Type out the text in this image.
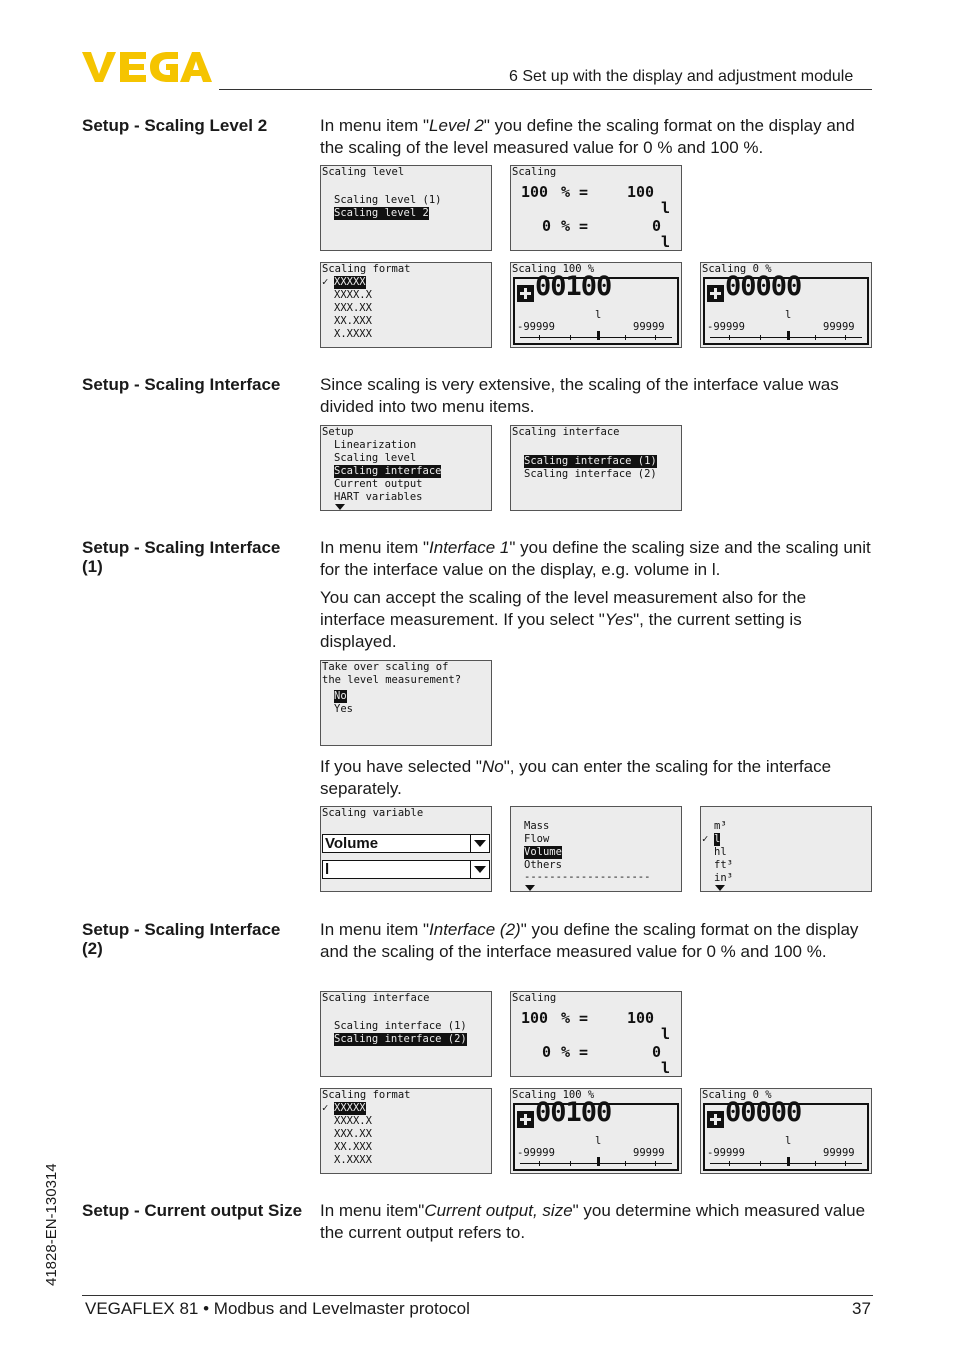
6 Set up with the display and adjustment module
Setup - Scaling Level 2	In menu item "Level 2" you define the scaling format on the display and the scaling of the level measured value for 0 % and 100 %.
Scaling level
Scaling level (1)
Scaling level 2
Scaling
100 % =	100
l
0 % =	0
l
Scaling format
✓ XXXXX
XXXX.X
XXX.XX
XX.XXX
X.XXXX
Scaling 100 %
00100
l
-99999	99999
Scaling 0 %
00000
l
-99999	99999
Setup - Scaling Interface	Since scaling is very extensive, the scaling of the interface value was divided into two menu items.
Setup
Linearization
Scaling level
Scaling interface
Current output
HART variables
Scaling interface
Scaling interface (1)
Scaling interface (2)
Setup - Scaling Interface (1)
In menu item "Interface 1" you define the scaling size and the scaling unit for the interface value on the display, e.g. volume in l.
You can accept the scaling of the level measurement also for the interface measurement. If you select "Yes", the current setting is displayed.
Take over scaling of
the level measurement?
No
Yes
If you have selected "No", you can enter the scaling for the interface separately.
Scaling variable
Volume
l
Mass
Flow
Volume
Others
--------------------
m³
✓ l
hl
ft³
in³
Setup - Scaling Interface (2)
In menu item "Interface (2)" you define the scaling format on the display and the scaling of the interface measured value for 0 % and 100 %.
Scaling interface
Scaling interface (1)
Scaling interface (2)
Scaling
100 % =	100
l
0 % =	0
l
Scaling format
✓ XXXXX
XXXX.X
XXX.XX
XX.XXX
X.XXXX
Scaling 100 %
00100
l
-99999	99999
Scaling 0 %
00000
l
-99999	99999
Setup - Current output Size In menu item"Current output, size" you determine which measured value the current output refers to.
41828-EN-130314
VEGAFLEX 81 • Modbus and Levelmaster protocol	37
